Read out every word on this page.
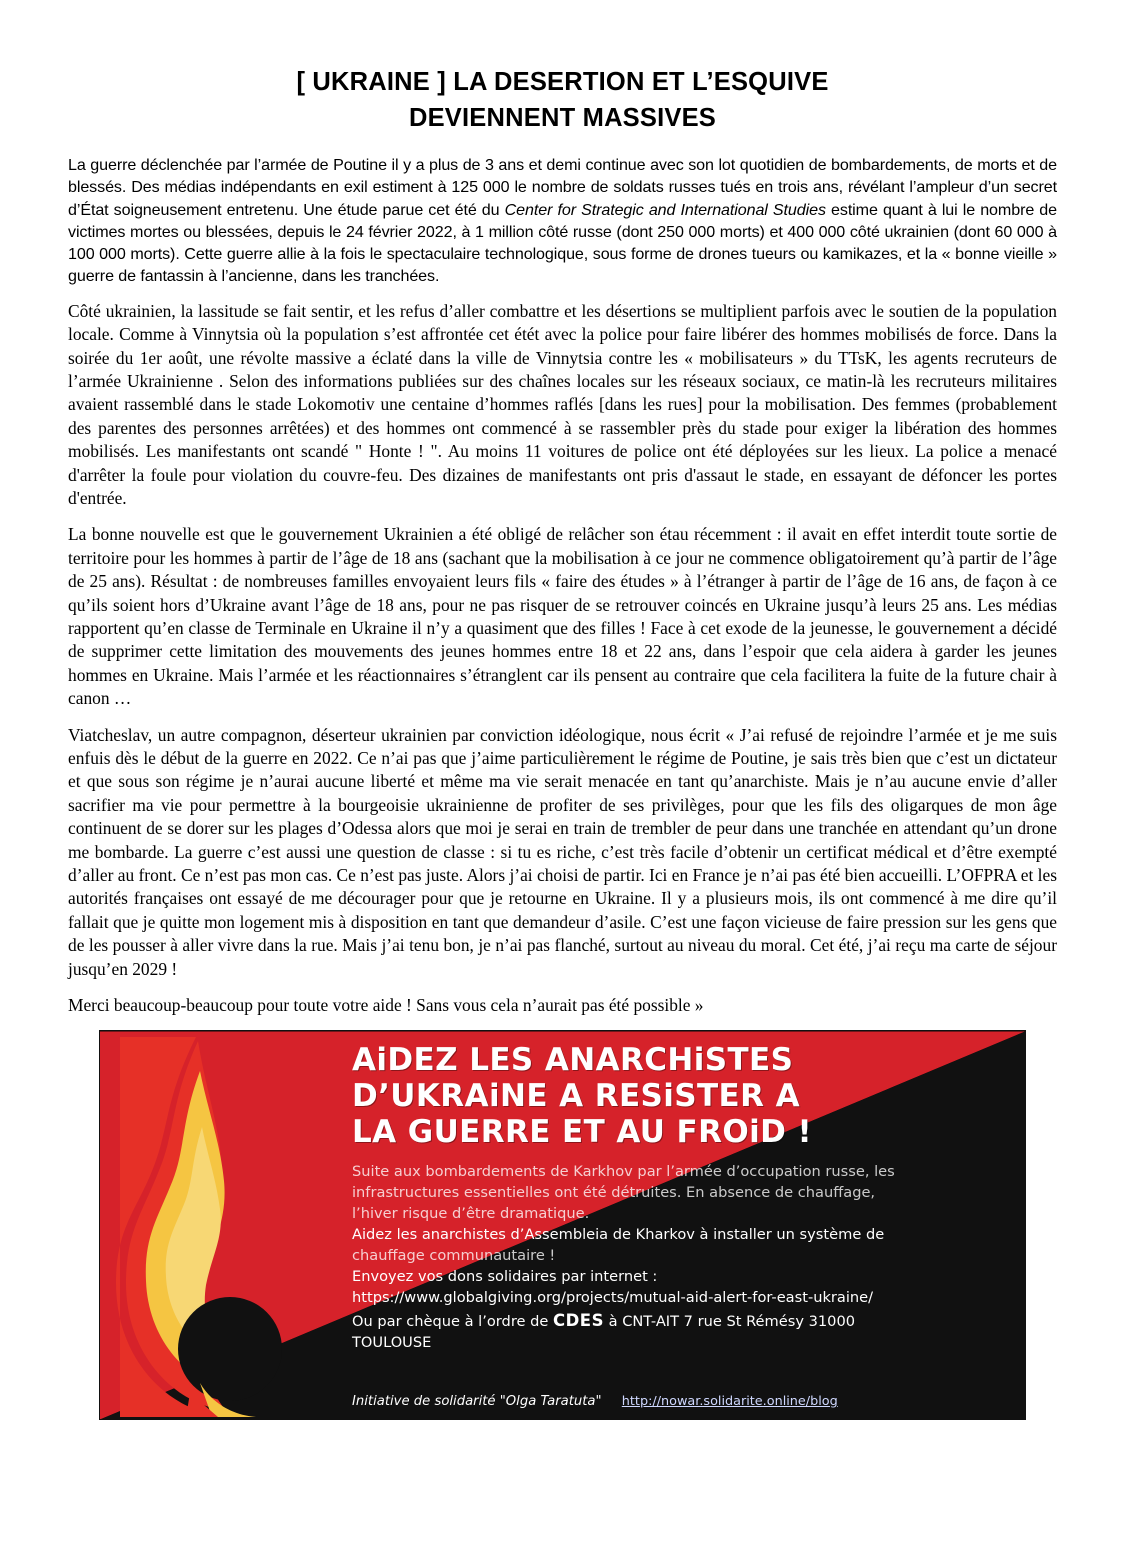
[ UKRAINE ] LA DESERTION ET L’ESQUIVE
DEVIENNENT MASSIVES

La guerre déclenchée par l’armée de Poutine il y a plus de 3 ans et demi continue avec son lot quotidien de bombardements, de morts et de blessés. Des médias indépendants en exil estiment à 125 000 le nombre de soldats russes tués en trois ans, révélant l’ampleur d’un secret d’État soigneusement entretenu. Une étude parue cet été du Center for Strategic and International Studies estime quant à lui le nombre de victimes mortes ou blessées, depuis le 24 février 2022, à 1 million côté russe (dont 250 000 morts) et 400 000 côté ukrainien (dont 60 000 à 100 000 morts). Cette guerre allie à la fois le spectaculaire technologique, sous forme de drones tueurs ou kamikazes, et la « bonne vieille » guerre de fantassin à l’ancienne, dans les tranchées.

Côté ukrainien, la lassitude se fait sentir, et les refus d’aller combattre et les désertions se multiplient parfois avec le soutien de la population locale. Comme à Vinnytsia où la population s’est affrontée cet étét avec la police pour faire libérer des hommes mobilisés de force. Dans la soirée du 1er août, une révolte massive a éclaté dans la ville de Vinnytsia contre les « mobilisateurs » du TTsK, les agents recruteurs de l’armée Ukrainienne . Selon des informations publiées sur des chaînes locales sur les réseaux sociaux, ce matin-là les recruteurs militaires avaient rassemblé dans le stade Lokomotiv une centaine d’hommes raflés [dans les rues] pour la mobilisation. Des femmes (probablement des parentes des personnes arrêtées) et des hommes ont commencé à se rassembler près du stade pour exiger la libération des hommes mobilisés. Les manifestants ont scandé " Honte ! ". Au moins 11 voitures de police ont été déployées sur les lieux. La police a menacé d'arrêter la foule pour violation du couvre-feu. Des dizaines de manifestants ont pris d'assaut le stade, en essayant de défoncer les portes d'entrée.

La bonne nouvelle est que le gouvernement Ukrainien a été obligé de relâcher son étau récemment : il avait en effet interdit toute sortie de territoire pour les hommes à partir de l’âge de 18 ans (sachant que la mobilisation à ce jour ne commence obligatoirement qu’à partir de l’âge de 25 ans). Résultat : de nombreuses familles envoyaient leurs fils « faire des études » à l’étranger à partir de l’âge de 16 ans, de façon à ce qu’ils soient hors d’Ukraine avant l’âge de 18 ans, pour ne pas risquer de se retrouver coincés en Ukraine jusqu’à leurs 25 ans. Les médias rapportent qu’en classe de Terminale en Ukraine il n’y a quasiment que des filles ! Face à cet exode de la jeunesse, le gouvernement a décidé de supprimer cette limitation des mouvements des jeunes hommes entre 18 et 22 ans, dans l’espoir que cela aidera à garder les jeunes hommes en Ukraine. Mais l’armée et les réactionnaires s’étranglent car ils pensent au contraire que cela facilitera la fuite de la future chair à canon …

Viatcheslav, un autre compagnon, déserteur ukrainien par conviction idéologique, nous écrit « J’ai refusé de rejoindre l’armée et je me suis enfuis dès le début de la guerre en 2022. Ce n’ai pas que j’aime particulièrement le régime de Poutine, je sais très bien que c’est un dictateur et que sous son régime je n’aurai aucune liberté et même ma vie serait menacée en tant qu’anarchiste. Mais je n’au aucune envie d’aller sacrifier ma vie pour permettre à la bourgeoisie ukrainienne de profiter de ses privilèges, pour que les fils des oligarques de mon âge continuent de se dorer sur les plages d’Odessa alors que moi je serai en train de trembler de peur dans une tranchée en attendant qu’un drone me bombarde. La guerre c’est aussi une question de classe : si tu es riche, c’est très facile d’obtenir un certificat médical et d’être exempté d’aller au front. Ce n’est pas mon cas. Ce n’est pas juste. Alors j’ai choisi de partir. Ici en France je n’ai pas été bien accueilli. L’OFPRA et les autorités françaises ont essayé de me décourager pour que je retourne en Ukraine. Il y a plusieurs mois, ils ont commencé à me dire qu’il fallait que je quitte mon logement mis à disposition en tant que demandeur d’asile. C’est une façon vicieuse de faire pression sur les gens que de les pousser à aller vivre dans la rue. Mais j’ai tenu bon, je n’ai pas flanché, surtout au niveau du moral. Cet été, j’ai reçu ma carte de séjour jusqu’en 2029 !

Merci beaucoup-beaucoup pour toute votre aide ! Sans vous cela n’aurait pas été possible »

AiDEZ LES ANARCHiSTES
D’UKRAiNE A RESiSTER A
LA GUERRE ET AU FROiD !

Suite aux bombardements de Karkhov par l’armée d’occupation russe, les

infrastructures essentielles ont été détruites. En absence de chauffage,

l’hiver risque d’être dramatique.

Aidez les anarchistes d’Assembleia de Kharkov à installer un système de

chauffage communautaire !

Envoyez vos dons solidaires par internet :

https://www.globalgiving.org/projects/mutual-aid-alert-for-east-ukraine/

Ou par chèque à l’ordre de CDES à CNT-AIT 7 rue St Rémésy 31000

TOULOUSE

Initiative de solidarité "Olga Taratuta" http://nowar.solidarite.online/blog
